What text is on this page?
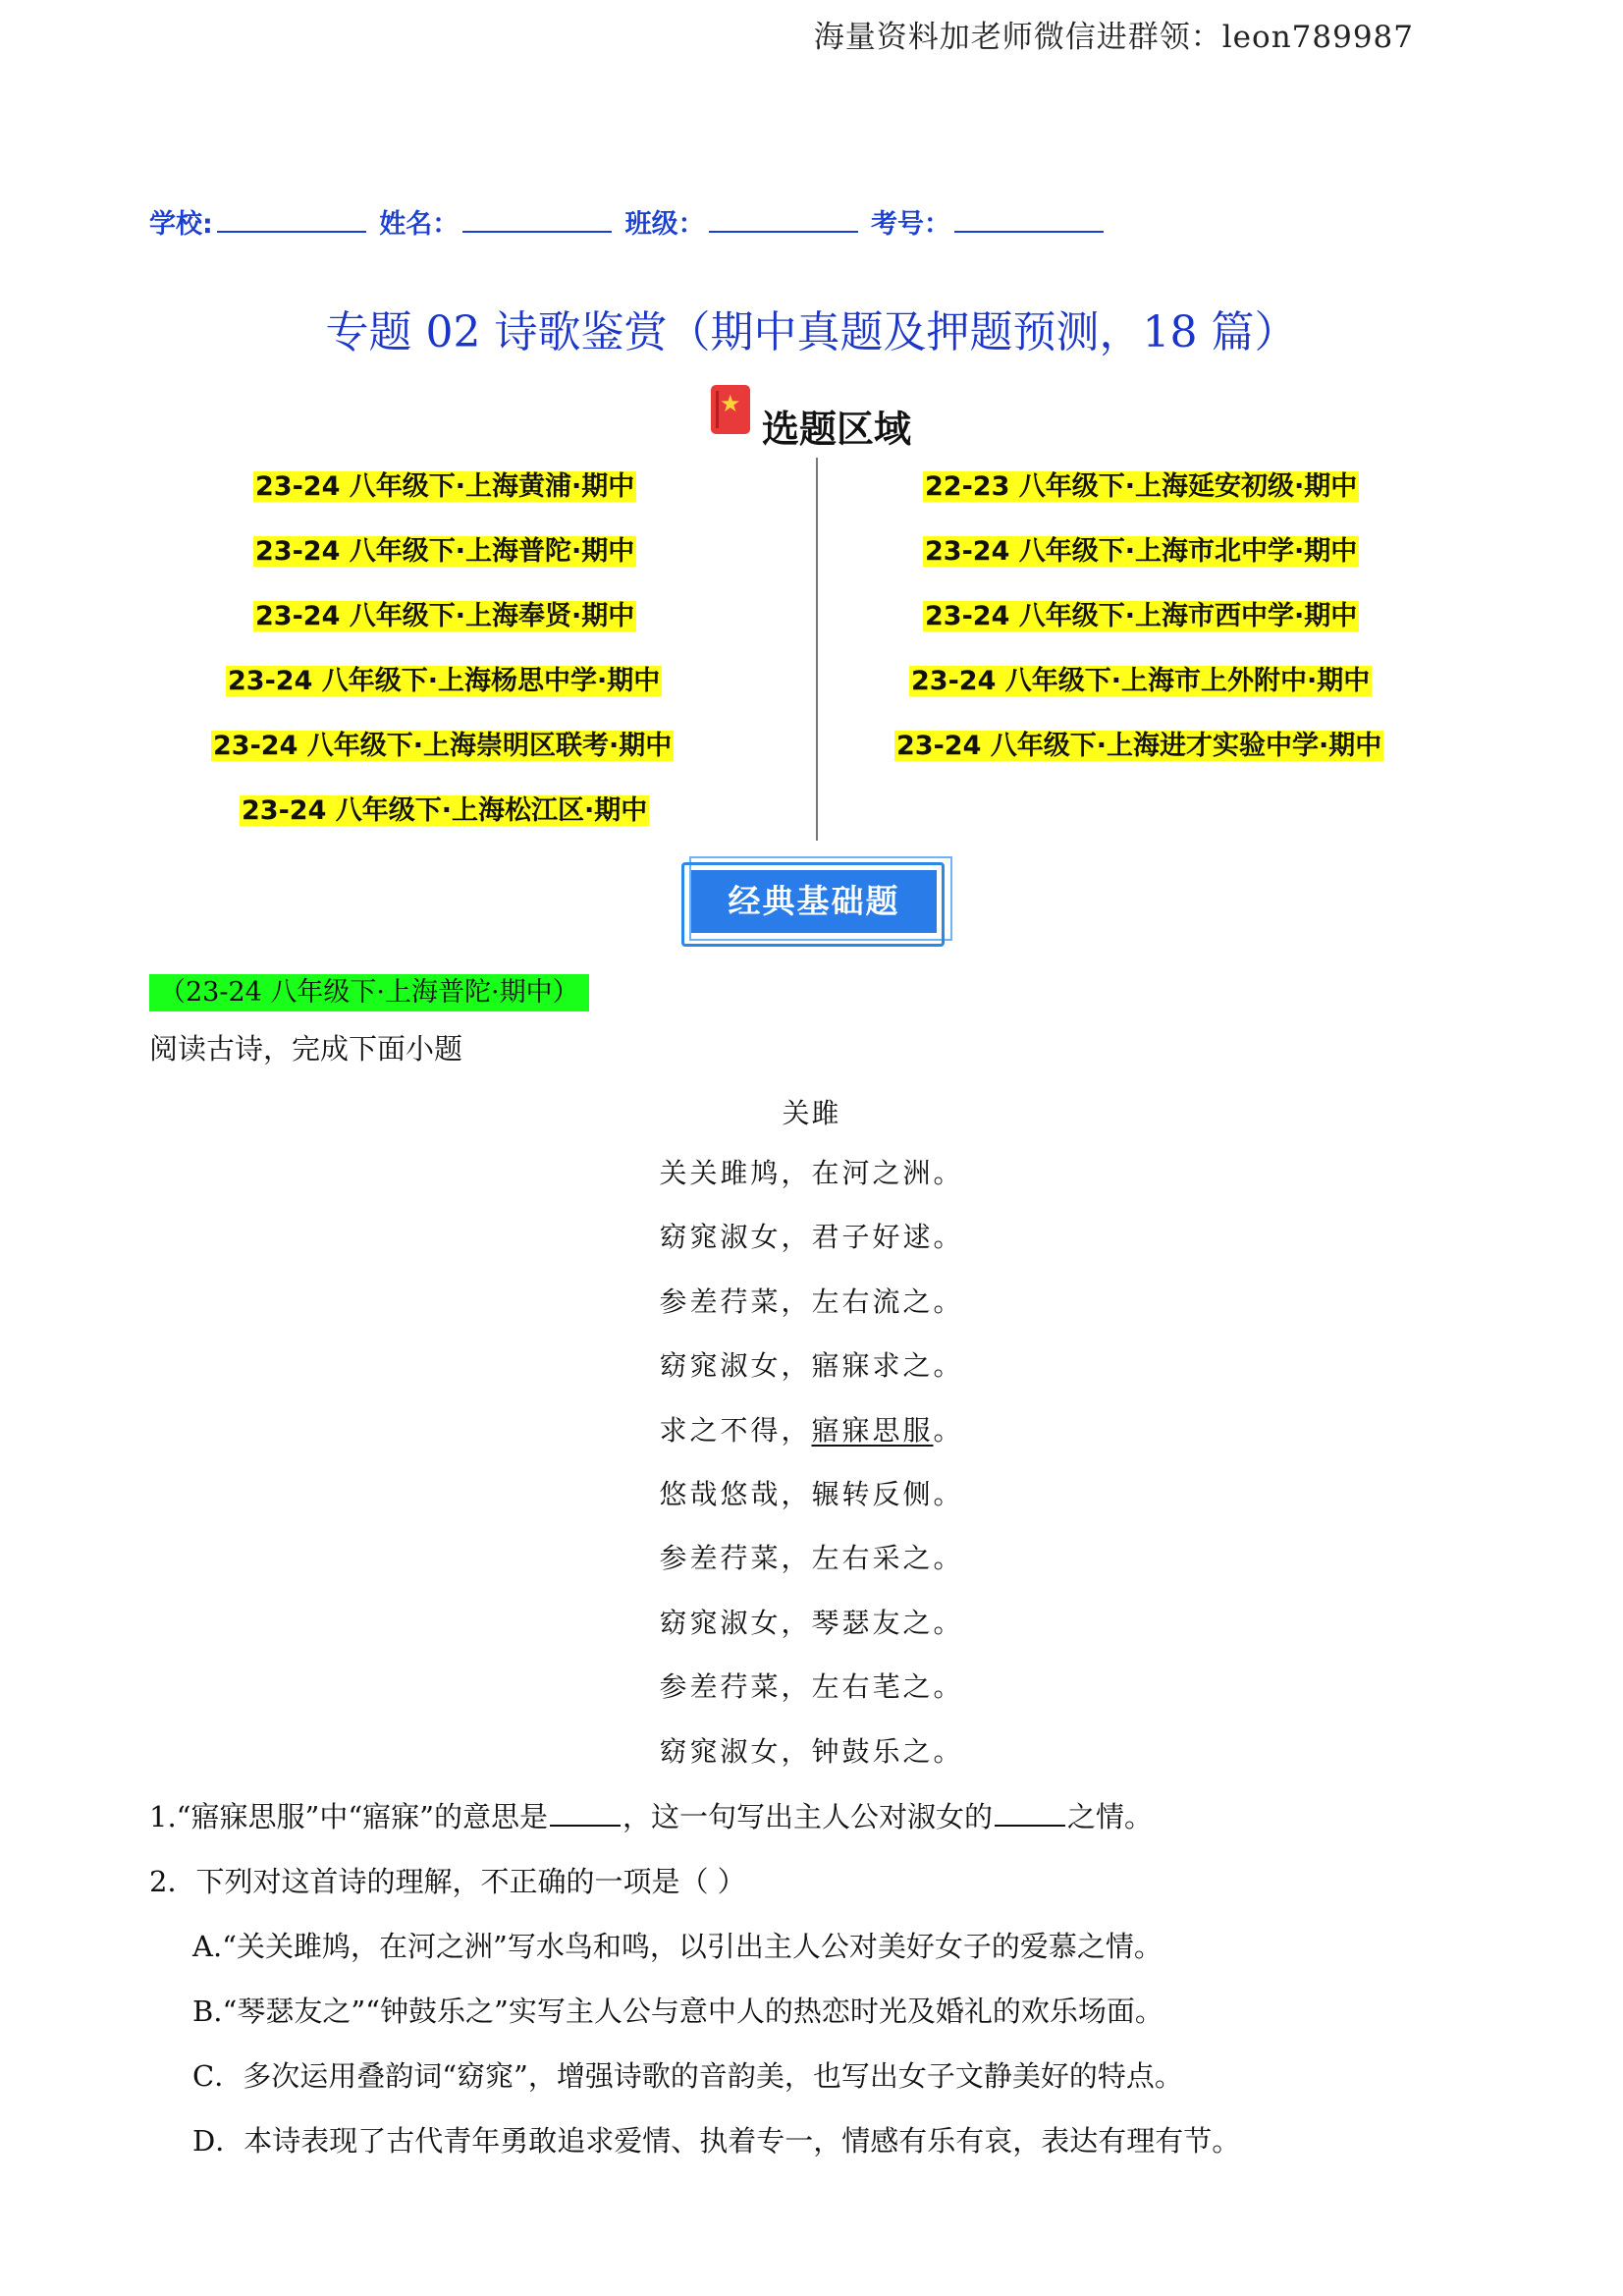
海量资料加老师微信进群领：leon789987
学校:	姓名：	班级：	考号：
专题 02 诗歌鉴赏（期中真题及押题预测，18 篇）
★
选题区域
23-24 八年级下·上海黄浦·期中
23-24 八年级下·上海普陀·期中
23-24 八年级下·上海奉贤·期中
23-24 八年级下·上海杨思中学·期中
23-24 八年级下·上海崇明区联考·期中
23-24 八年级下·上海松江区·期中
22-23 八年级下·上海延安初级·期中
23-24 八年级下·上海市北中学·期中
23-24 八年级下·上海市西中学·期中
23-24 八年级下·上海市上外附中·期中
23-24 八年级下·上海进才实验中学·期中
经典基础题
（23-24 八年级下·上海普陀·期中）
阅读古诗，完成下面小题
关雎
关关雎鸠，在河之洲。
窈窕淑女，君子好逑。
参差荇菜，左右流之。
窈窕淑女，寤寐求之。
求之不得，寤寐思服。
悠哉悠哉，辗转反侧。
参差荇菜，左右采之。
窈窕淑女，琴瑟友之。
参差荇菜，左右芼之。
窈窕淑女，钟鼓乐之。
1.“寤寐思服”中“寤寐”的意思是	，这一句写出主人公对淑女的	之情。
2．下列对这首诗的理解，不正确的一项是（ ）
A.“关关雎鸠，在河之洲”写水鸟和鸣，以引出主人公对美好女子的爱慕之情。
B.“琴瑟友之”“钟鼓乐之”实写主人公与意中人的热恋时光及婚礼的欢乐场面。
C．多次运用叠韵词“窈窕”，增强诗歌的音韵美，也写出女子文静美好的特点。
D．本诗表现了古代青年勇敢追求爱情、执着专一，情感有乐有哀，表达有理有节。
